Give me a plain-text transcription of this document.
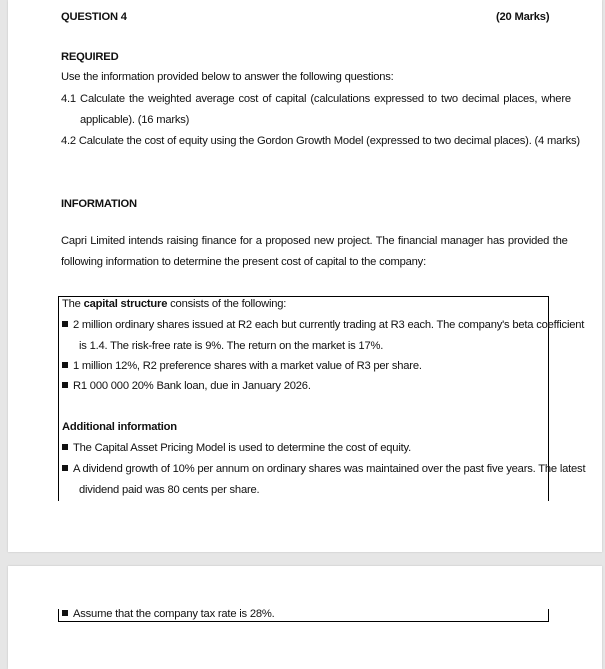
QUESTION 4	(20 Marks)
REQUIRED
Use the information provided below to answer the following questions:
4.1 Calculate the weighted average cost of capital (calculations expressed to two decimal places, where
applicable). (16 marks)
4.2 Calculate the cost of equity using the Gordon Growth Model (expressed to two decimal places). (4 marks)
INFORMATION
Capri Limited intends raising finance for a proposed new project. The financial manager has provided the
following information to determine the present cost of capital to the company:
The capital structure consists of the following:
2 million ordinary shares issued at R2 each but currently trading at R3 each. The company's beta coefficient
is 1.4. The risk-free rate is 9%. The return on the market is 17%.
1 million 12%, R2 preference shares with a market value of R3 per share.
R1 000 000 20% Bank loan, due in January 2026.
Additional information
The Capital Asset Pricing Model is used to determine the cost of equity.
A dividend growth of 10% per annum on ordinary shares was maintained over the past five years. The latest
dividend paid was 80 cents per share.
Assume that the company tax rate is 28%.
